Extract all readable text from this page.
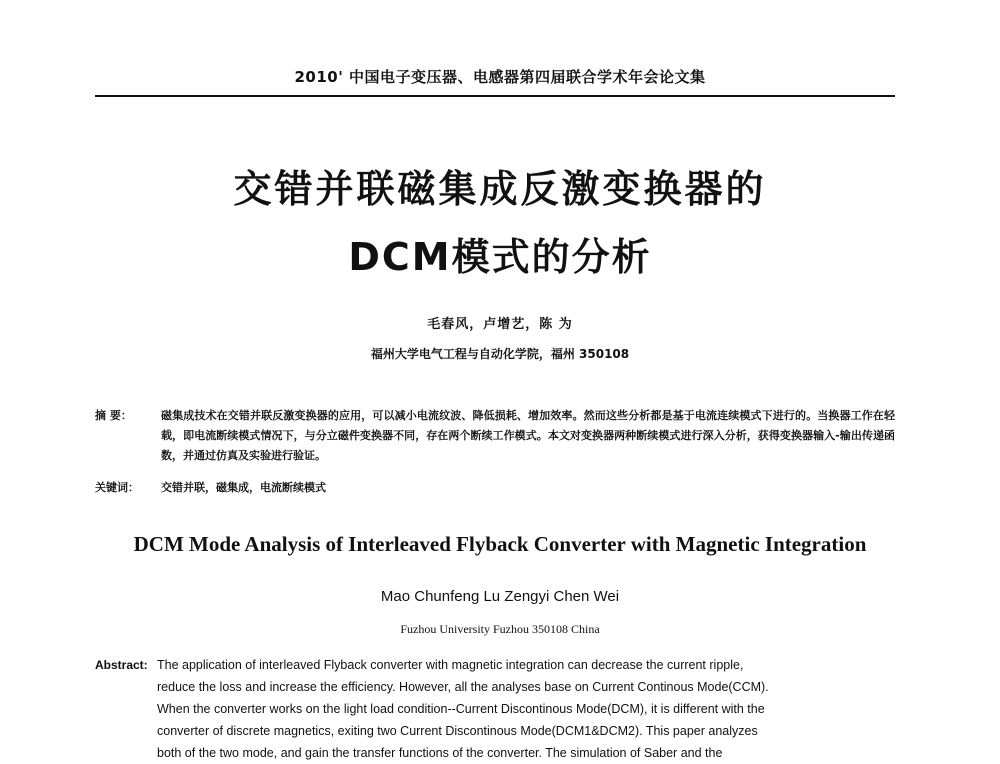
2010' 中国电子变压器、电感器第四届联合学术年会论文集
交错并联磁集成反激变换器的
DCM模式的分析
毛春风，卢增艺，陈 为
福州大学电气工程与自动化学院，福州 350108
摘 要：	磁集成技术在交错并联反激变换器的应用，可以减小电流纹波、降低损耗、增加效率。然而这些分析都是基于电流连续模式下进行的。当换器工作在轻载，即电流断续模式情况下，与分立磁件变换器不同，存在两个断续工作模式。本文对变换器两种断续模式进行深入分析，获得变换器输入-输出传递函数，并通过仿真及实验进行验证。
关键词：	交错并联，磁集成，电流断续模式
DCM Mode Analysis of Interleaved Flyback Converter with Magnetic Integration
Mao Chunfeng Lu Zengyi Chen Wei
Fuzhou University Fuzhou 350108 China
Abstract: The application of interleaved Flyback converter with magnetic integration can decrease the current ripple,
reduce the loss and increase the efficiency. However, all the analyses base on Current Continous Mode(CCM).
When the converter works on the light load condition--Current Discontinous Mode(DCM), it is different with the
converter of discrete magnetics, exiting two Current Discontinous Mode(DCM1&DCM2). This paper analyzes
both of the two mode, and gain the transfer functions of the converter. The simulation of Saber and the
